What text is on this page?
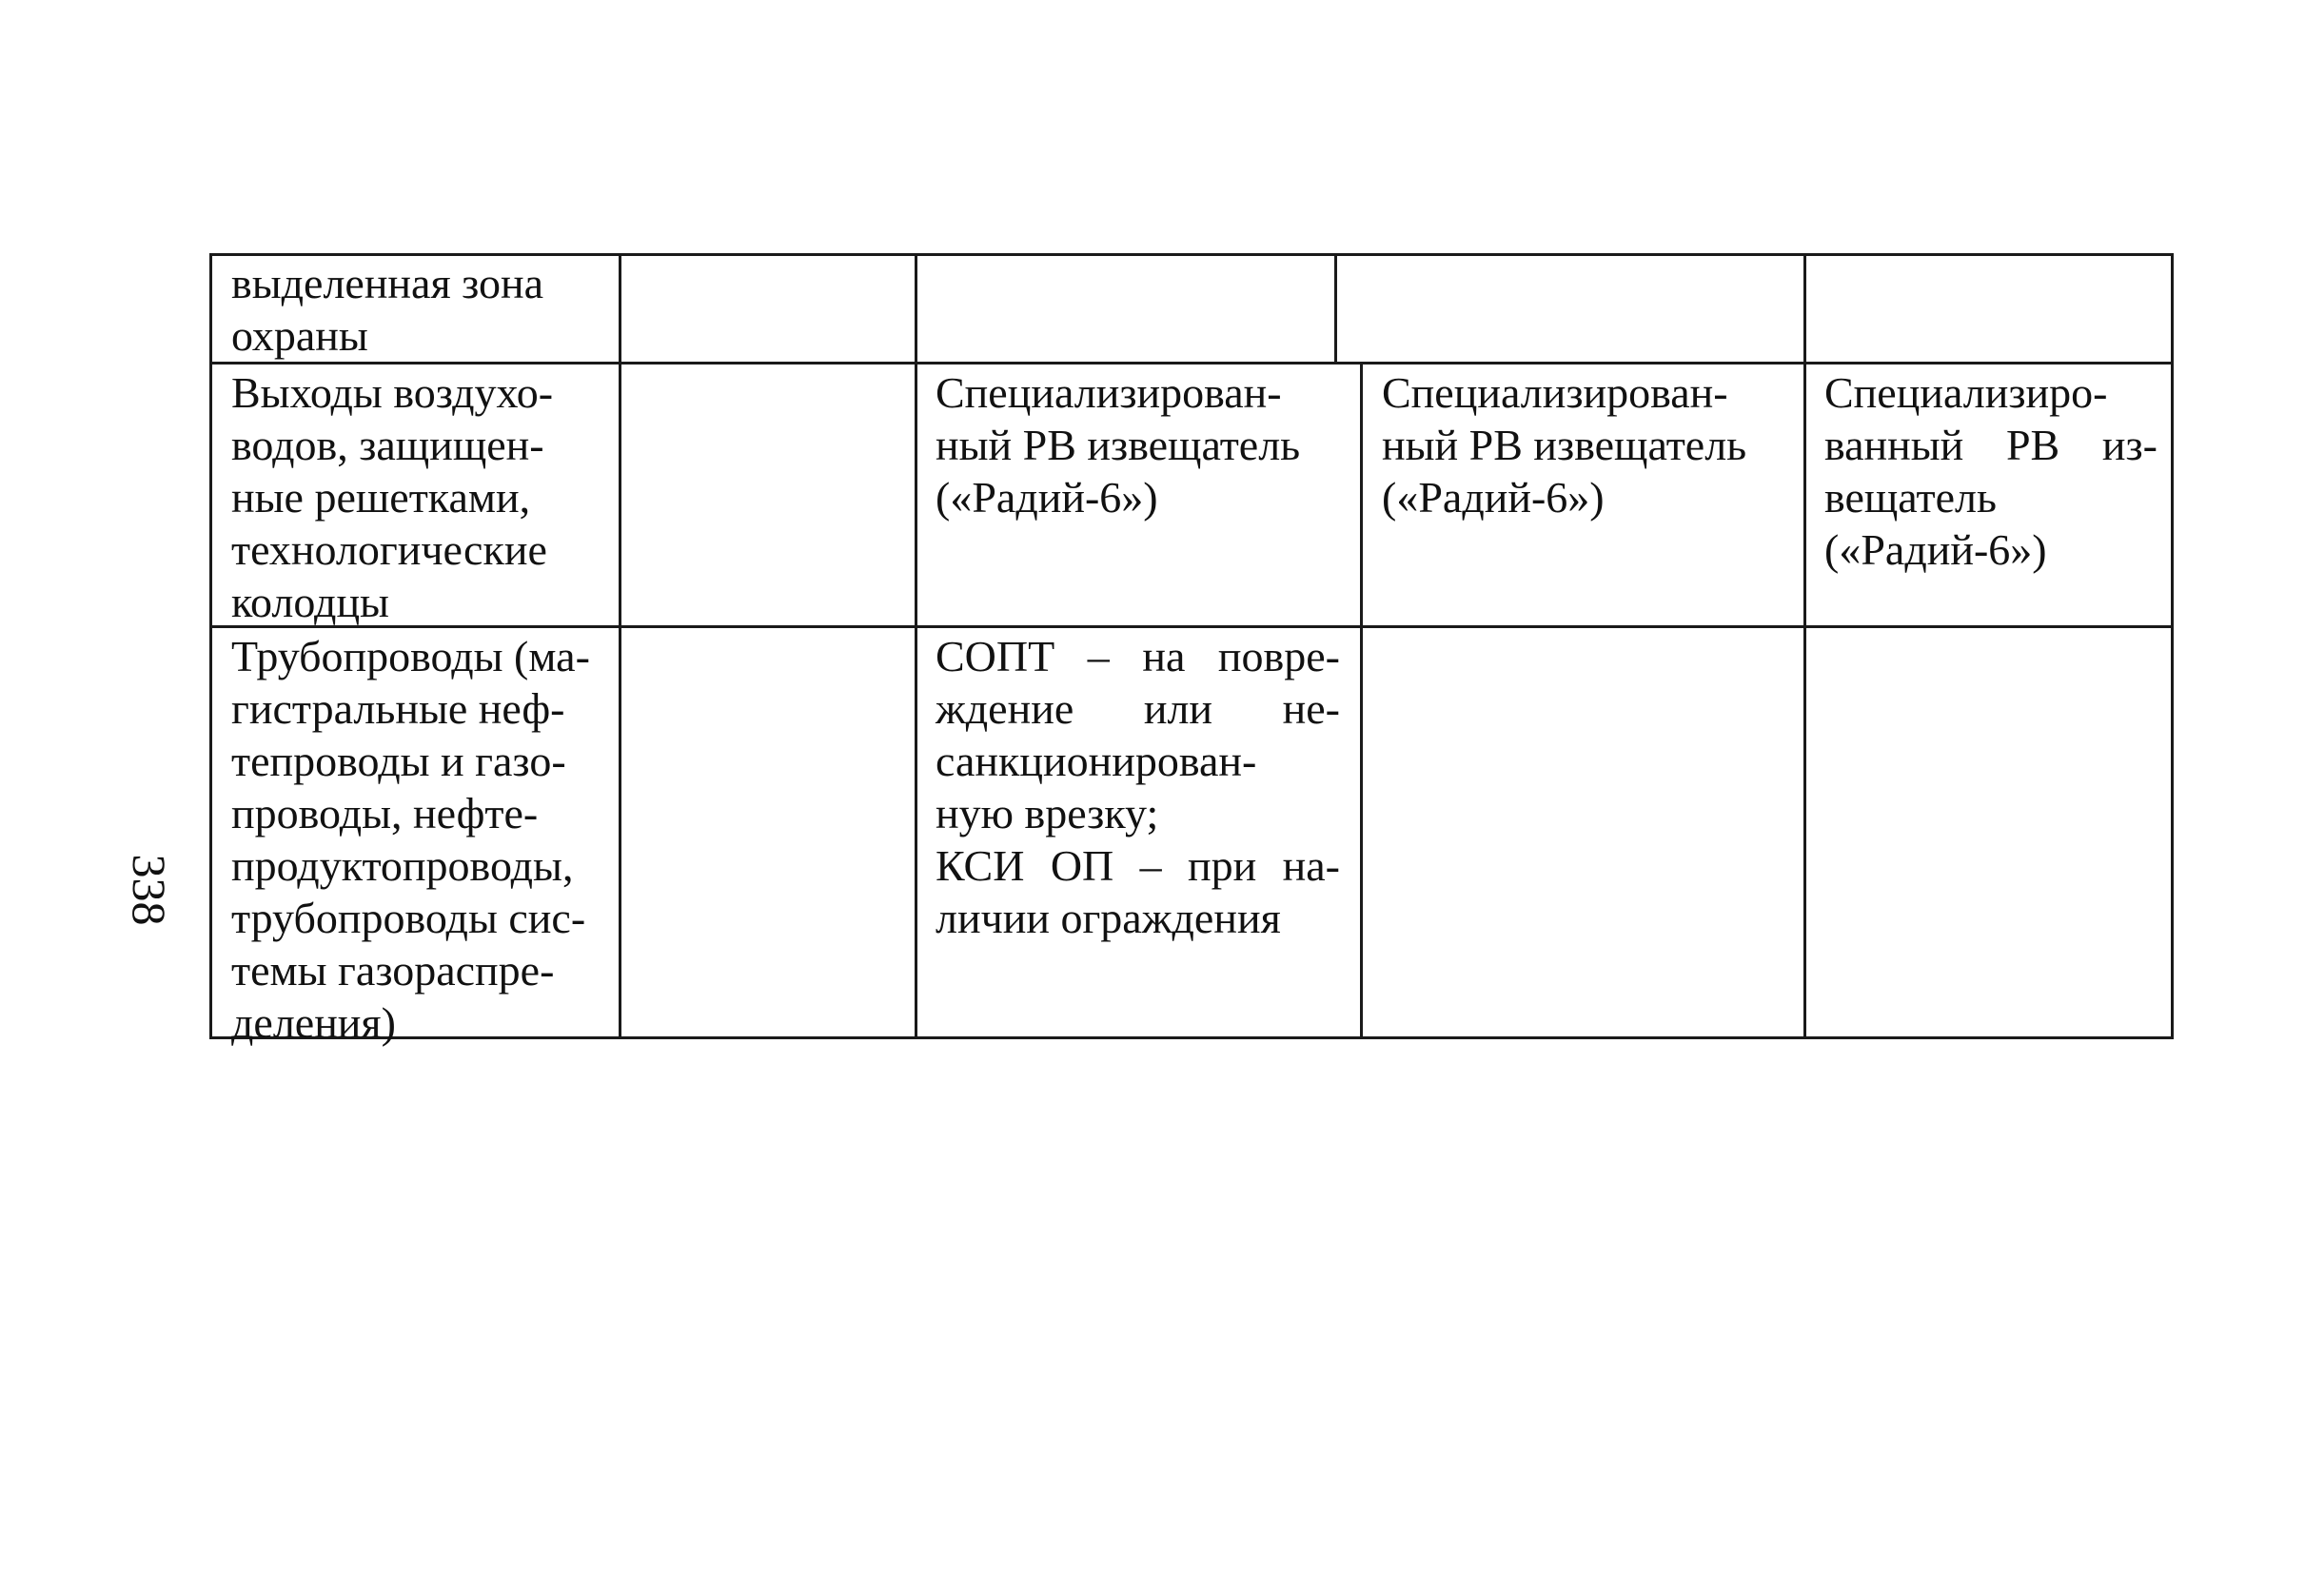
338
выделенная зона
охраны
Выходы воздухо-
водов, защищен-
ные решетками,
технологические
колодцы
Специализирован-
ный РВ извещатель
(«Радий-6»)
Специализирован-
ный РВ извещатель
(«Радий-6»)
Специализиро-
ванный РВ из-
вещатель
(«Радий-6»)
Трубопроводы (ма-
гистральные неф-
тепроводы и газо-
проводы, нефте-
продуктопроводы,
трубопроводы сис-
темы газораспре-
деления)
СОПТ – на повре-
ждение или не-
санкционирован-
ную врезку;
КСИ ОП – при на-
личии ограждения
